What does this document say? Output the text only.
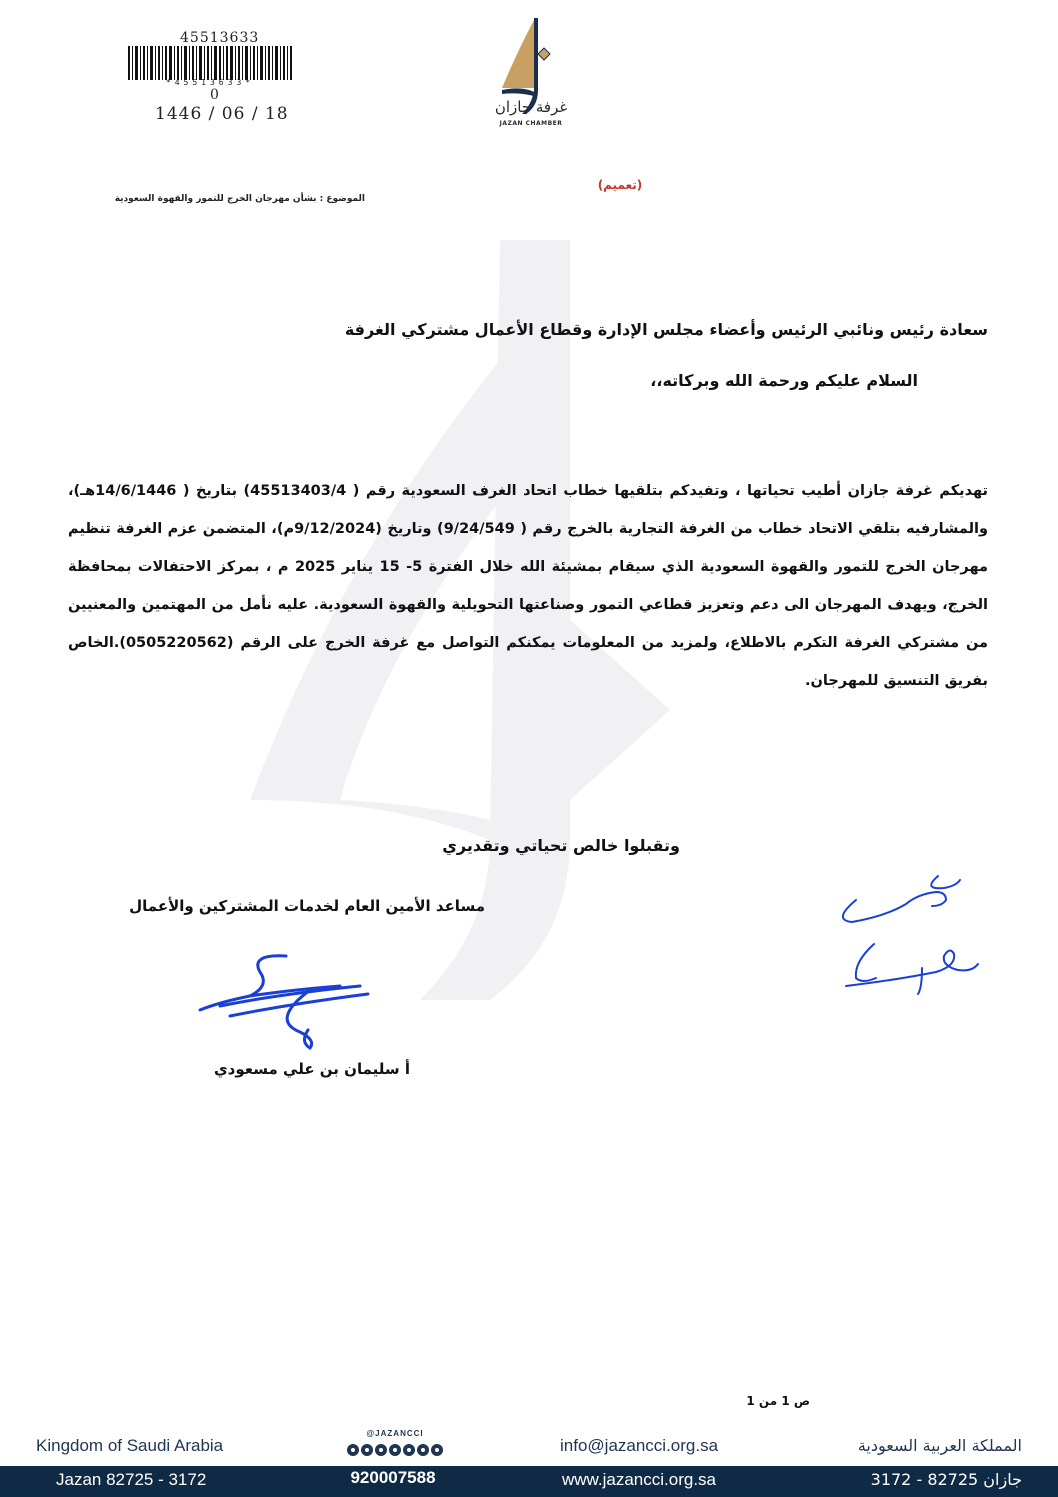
45513633
*45513633*
0
1446 / 06 / 18	غرفة جازان
JAZAN CHAMBER
(تعميم)
الموضوع : بشأن مهرجان الخرج للتمور والقهوة السعودية
سعادة رئيس ونائبي الرئيس وأعضاء مجلس الإدارة وقطاع الأعمال مشتركي الغرفة
السلام عليكم ورحمة الله وبركاته،،
تهديكم غرفة جازان أطيب تحياتها ، وتفيدكم بتلقيها خطاب اتحاد الغرف السعودية رقم ( 45513403/4) بتاريخ ( 14/6/1446هـ)، والمشارفيه بتلقي الاتحاد خطاب من الغرفة التجارية بالخرج رقم ( 9/24/549) وتاريخ (9/12/2024م)، المتضمن عزم الغرفة تنظيم مهرجان الخرج للتمور والقهوة السعودية الذي سيقام بمشيئة الله خلال الفترة 5- 15 يناير 2025 م ، بمركز الاحتفالات بمحافظة الخرج، ويهدف المهرجان الى دعم وتعزيز قطاعي التمور وصناعتها التحويلية والقهوة السعودية. عليه نأمل من المهتمين والمعنيين من مشتركي الغرفة التكرم بالاطلاع، ولمزيد من المعلومات يمكنكم التواصل مع غرفة الخرج على الرقم (0505220562).الخاص بفريق التنسيق للمهرجان.
وتقبلوا خالص تحياتي وتقديري
مساعد الأمين العام لخدمات المشتركين والأعمال
أ سليمان بن علي مسعودي
ص 1 من 1
Kingdom of Saudi Arabia
Jazan 82725 - 3172
@JAZANCCI
920007588
info@jazancci.org.sa
www.jazancci.org.sa
المملكة العربية السعودية
جازان 82725 - 3172
